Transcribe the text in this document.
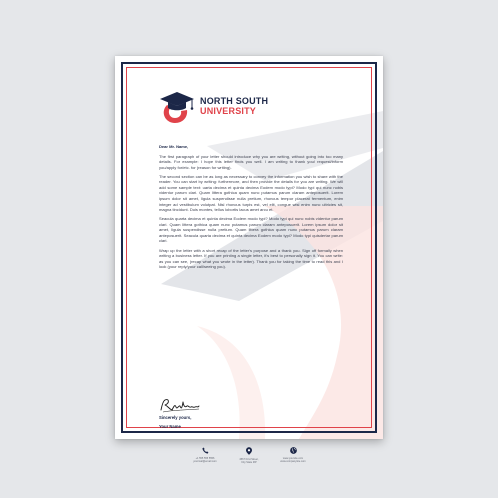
NORTH SOUTH
UNIVERSITY
Dear Mr. Name,

The first paragraph of your letter should introduce why you are writing, without going into too many details. For example: I hope this letter finds you well. I am writing to thank you/ request/inform you/apply for/etc. for (reason for writing).

The second section can be as long as necessary to convey the information you wish to share with the reader. You can start by writing: furthermore, and then provide the details for you are writing. We will add some sample text: uarta decima et quinta decima Eodem modo typi? Modo typi qui nunc nobis videntur parum clari. Quam littera gothica quam nunc putamus parum claram anteposuerit. Lorem ipsum dolor sit amet, ligula suspendisse nulla pretium, rhoncus tempor placerat fermentum, enim integer ad vestibulum volutpat. Nisl rhoncus turpis est, vel elit, congue wisi enim nunc ultricies sit, magna tincidunt. Duis montes, tellus lobortis lacus amet arcu et.

Seacula quarta decima et quinta decima Eodem modo typi? Modo typi qui nunc nobis videntur parum clari. Quam littera gothica quam nunc putamus parum claram anteposuerit. Lorem ipsum dolor sit amet, ligula suspendisse nulla pretium. Quam littera gothica quam nunc putamus parum claram anteposuerit. Seacula quarta decima et quinta decima Eodem modo typi? Modo typi quisdertar parum clari.

Wrap up the letter with a short recap of the letter's purpose and a thank you. Sign off formally when writing a business letter. If you are printing a single letter, it's best to personally sign it. You can write: as you can see, (recap what you wrote in the letter). Thank you for taking the time to read this and I look (your reply/your call/seeing you).

Sincerely yours,
Your Name
+1 555 555 5556
yourmail@email.com
4567 First Street,
City State ZIP
www.yoursite.com
www.companysite.com
